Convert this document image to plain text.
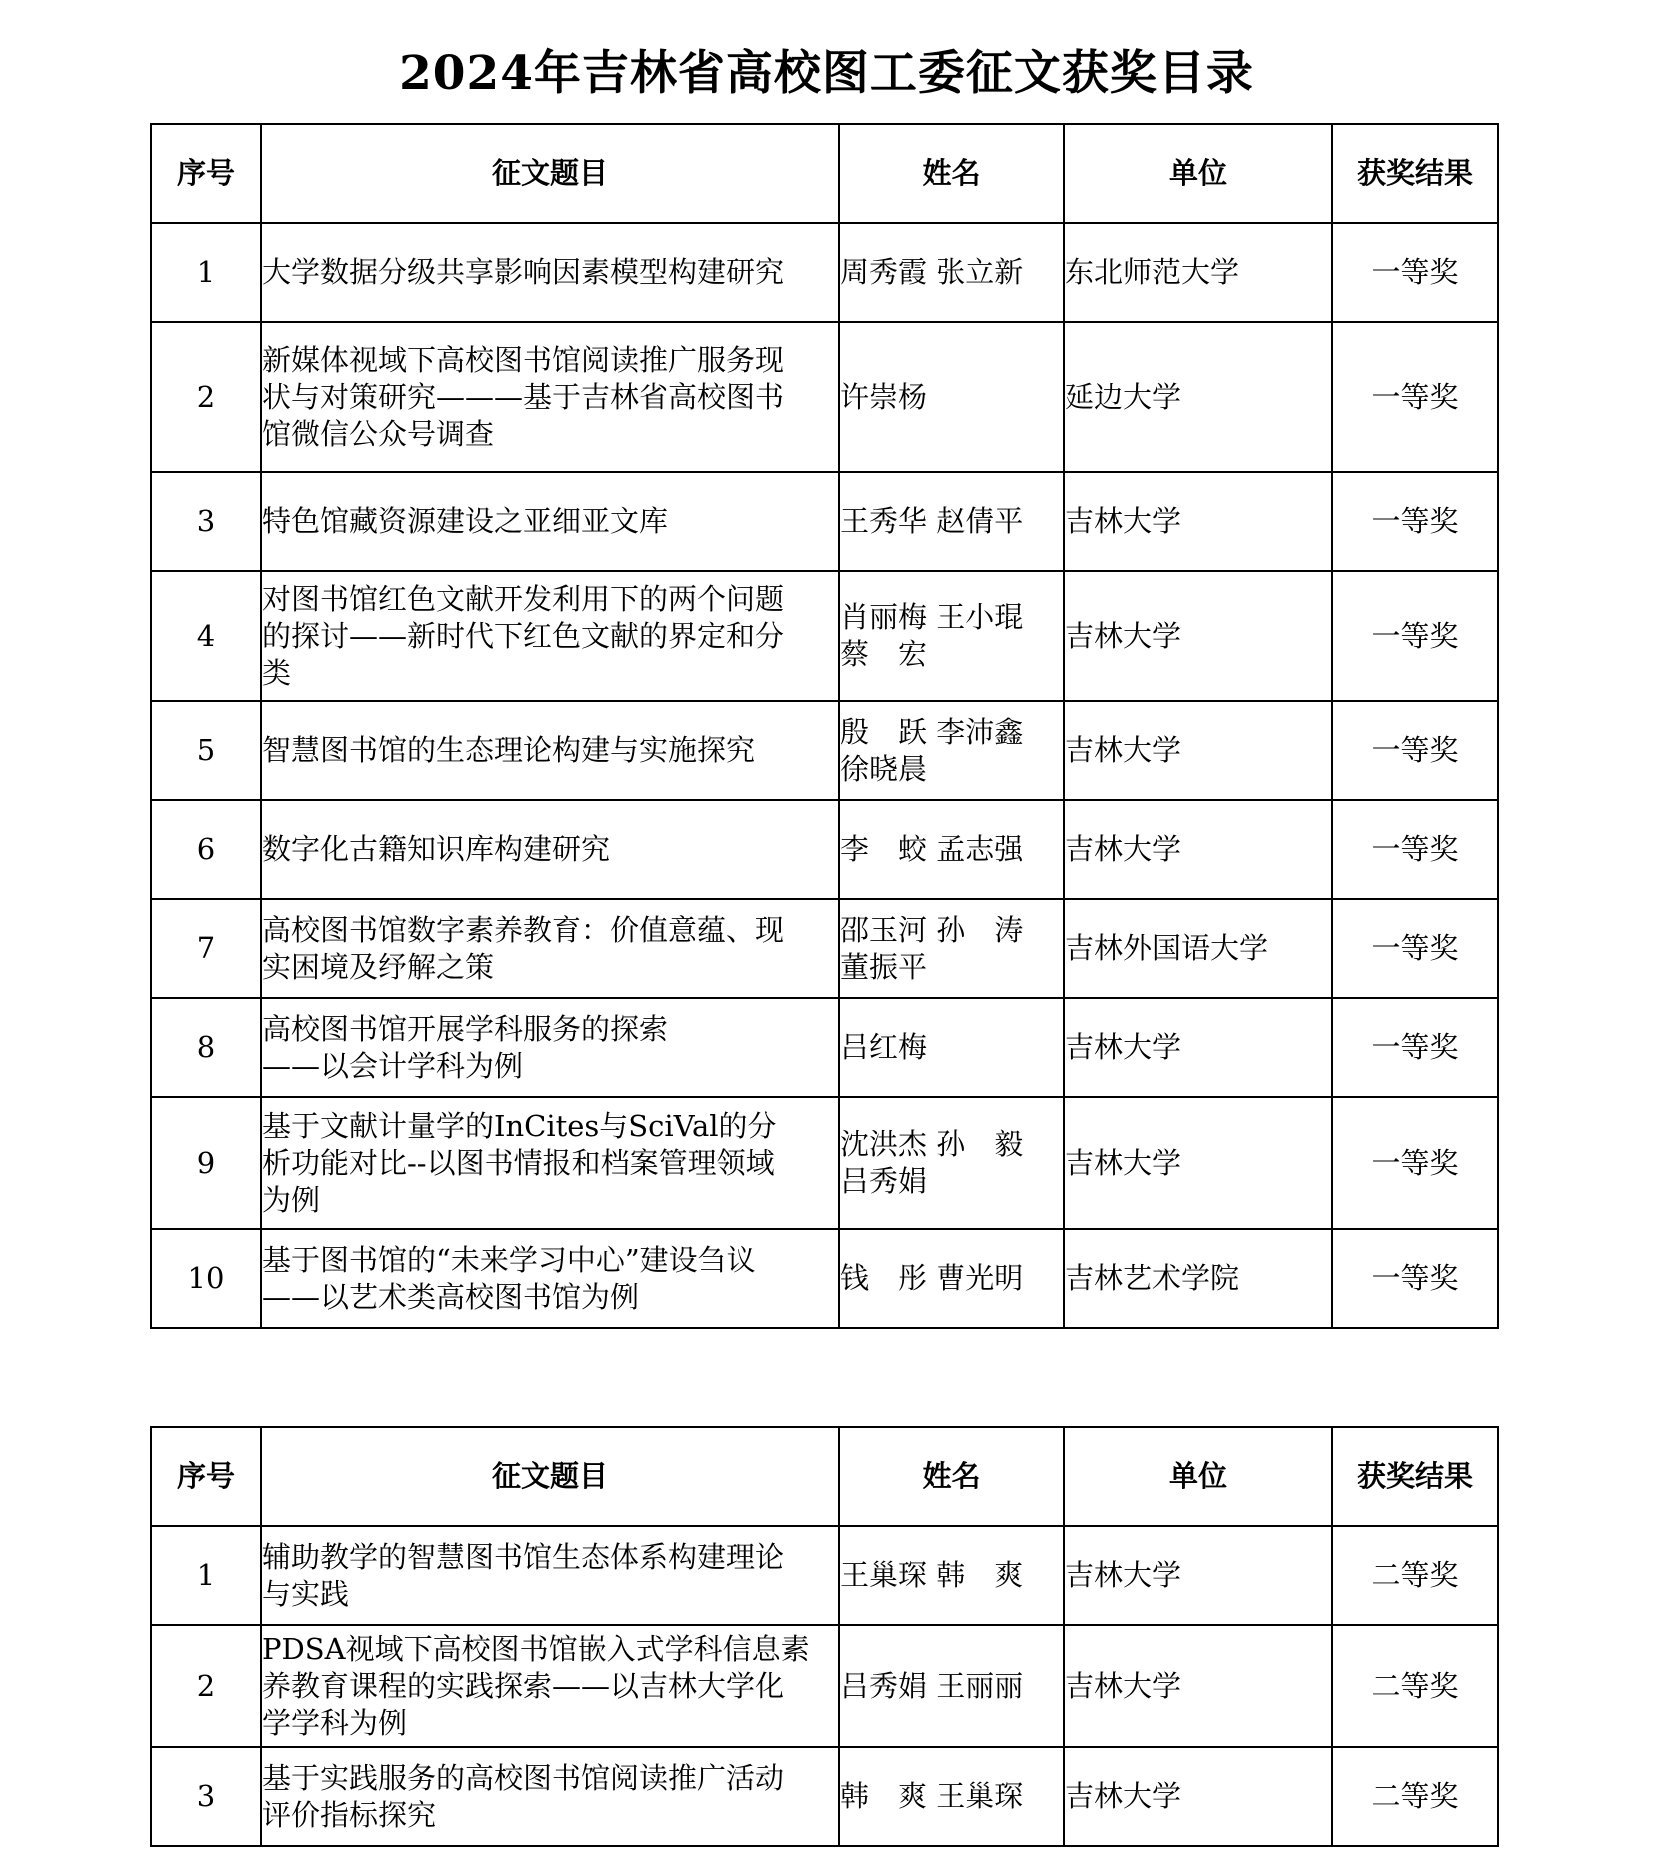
2024年吉林省高校图工委征文获奖目录
序号	征文题目	姓名	单位	获奖结果
1	大学数据分级共享影响因素模型构建研究	周秀霞 张立新	东北师范大学	一等奖
2	新媒体视域下高校图书馆阅读推广服务现
状与对策研究———基于吉林省高校图书
馆微信公众号调查	许崇杨	延边大学	一等奖
3	特色馆藏资源建设之亚细亚文库	王秀华 赵倩平	吉林大学	一等奖
4	对图书馆红色文献开发利用下的两个问题
的探讨——新时代下红色文献的界定和分
类	肖丽梅 王小琨
蔡　宏	吉林大学	一等奖
5	智慧图书馆的生态理论构建与实施探究	殷　跃 李沛鑫
徐晓晨	吉林大学	一等奖
6	数字化古籍知识库构建研究	李　蛟 孟志强	吉林大学	一等奖
7	高校图书馆数字素养教育：价值意蕴、现
实困境及纾解之策	邵玉河 孙　涛
董振平	吉林外国语大学	一等奖
8	高校图书馆开展学科服务的探索
——以会计学科为例	吕红梅	吉林大学	一等奖
9	基于文献计量学的InCites与SciVal的分
析功能对比--以图书情报和档案管理领域
为例	沈洪杰 孙　毅
吕秀娟	吉林大学	一等奖
10	基于图书馆的“未来学习中心”建设刍议
——以艺术类高校图书馆为例	钱　彤 曹光明	吉林艺术学院	一等奖
序号	征文题目	姓名	单位	获奖结果
1	辅助教学的智慧图书馆生态体系构建理论
与实践	王巢琛 韩　爽	吉林大学	二等奖
2	PDSA视域下高校图书馆嵌入式学科信息素
养教育课程的实践探索——以吉林大学化
学学科为例	吕秀娟 王丽丽	吉林大学	二等奖
3	基于实践服务的高校图书馆阅读推广活动
评价指标探究	韩　爽 王巢琛	吉林大学	二等奖
